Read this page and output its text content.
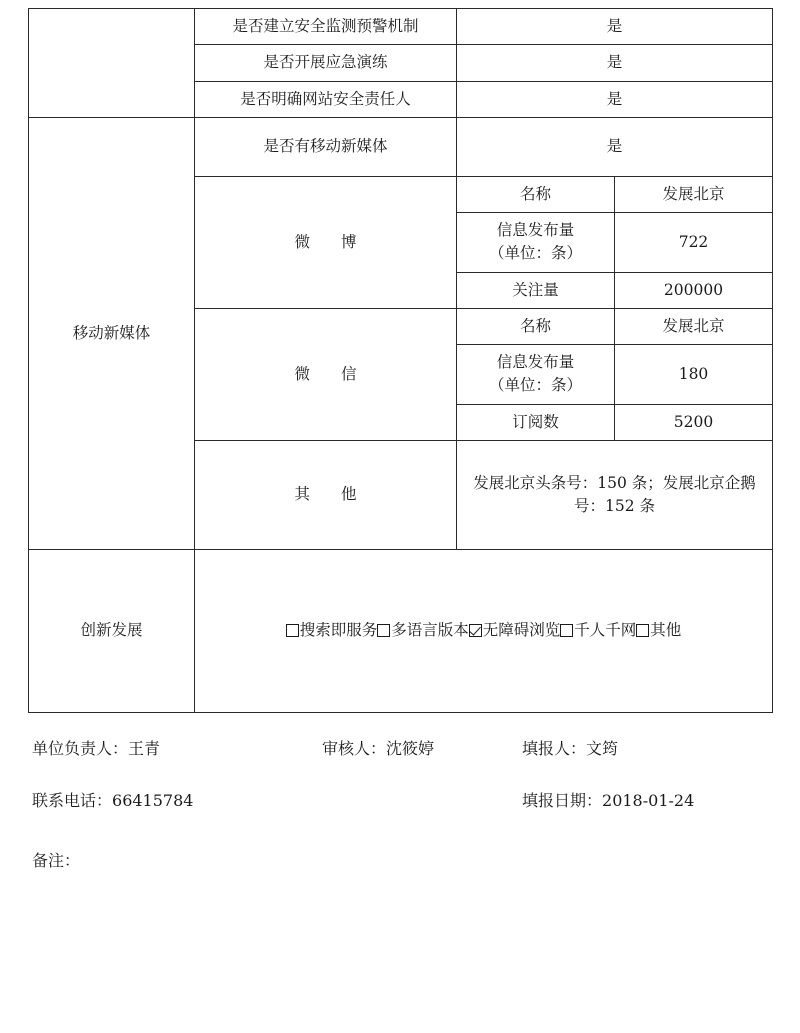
	是否建立安全监测预警机制	是	
	是否开展应急演练	是	
	是否明确网站安全责任人	是	
移动新媒体	是否有移动新媒体	是	
	微　博	名称	发展北京

		信息发布量
（单位：条）	722
		关注量	200000
	微　信	名称	发展北京

		信息发布量
（单位：条）	180
		订阅数	5200
	其　他	发展北京头条号：150 条；发展北京企鹅号：152 条	
创新发展	搜索即服务 多语言版本 无障碍浏览 千人千网 其他		
单位负责人：王青	审核人：沈筱婷	填报人：文筠
联系电话：66415784	填报日期：2018-01-24
备注：
